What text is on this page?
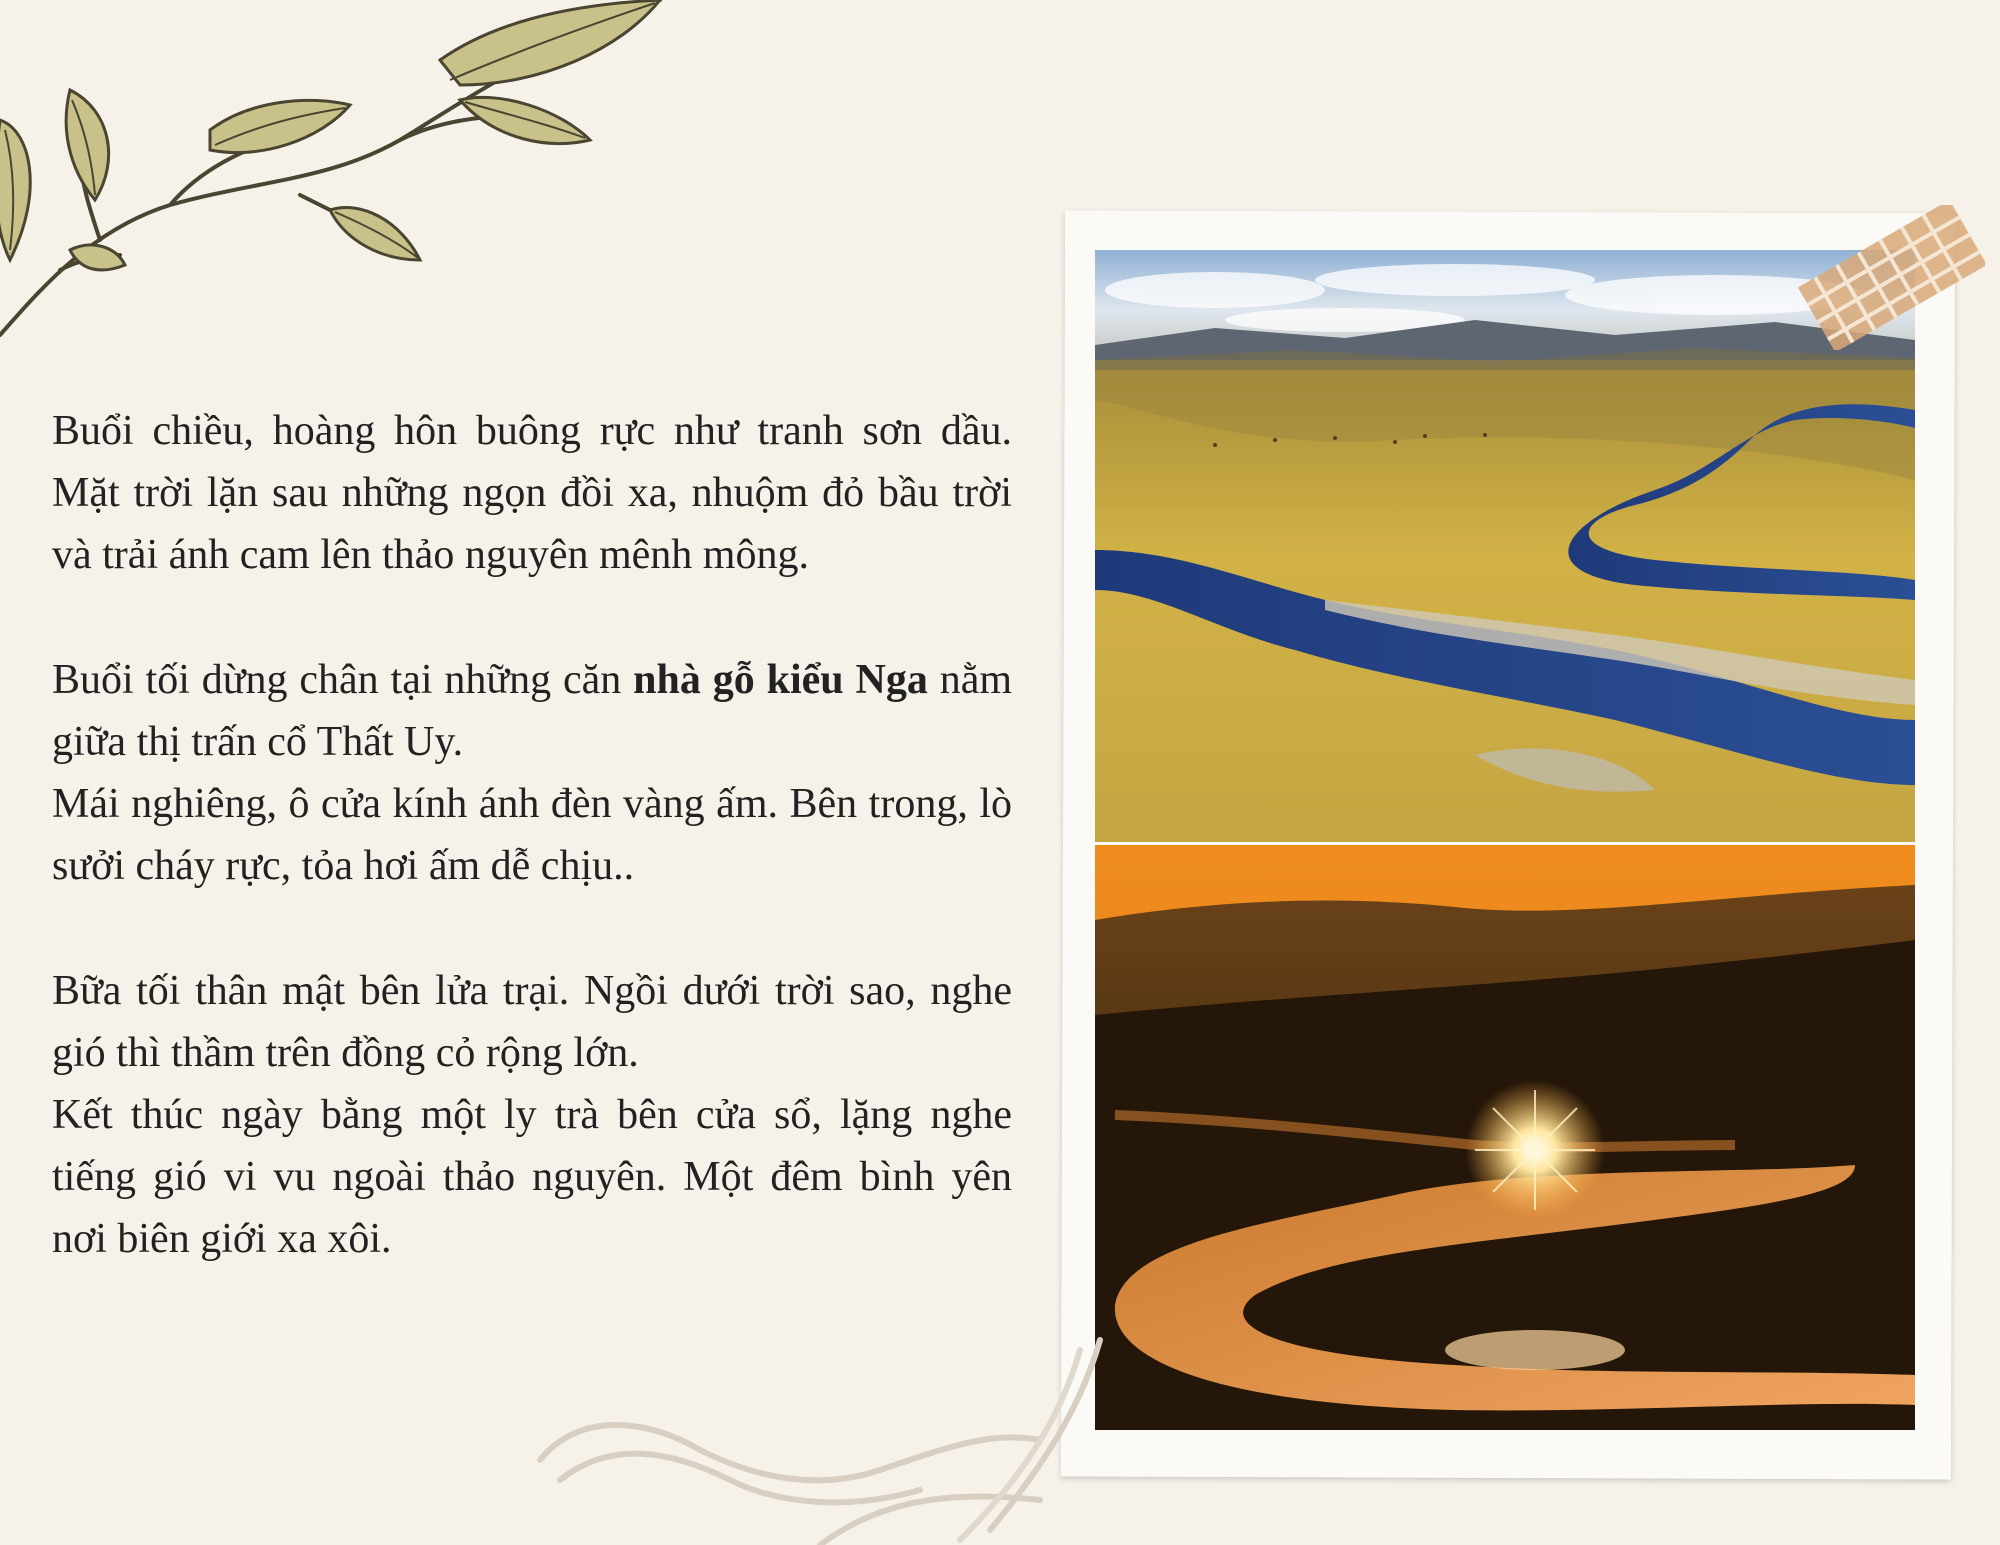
Buổi chiều, hoàng hôn buông rực như tranh sơn dầu. Mặt trời lặn sau những ngọn đồi xa, nhuộm đỏ bầu trời và trải ánh cam lên thảo nguyên mênh mông.

Buổi tối dừng chân tại những căn nhà gỗ kiểu Nga nằm giữa thị trấn cổ Thất Uy.
Mái nghiêng, ô cửa kính ánh đèn vàng ấm. Bên trong, lò sưởi cháy rực, tỏa hơi ấm dễ chịu..

Bữa tối thân mật bên lửa trại. Ngồi dưới trời sao, nghe gió thì thầm trên đồng cỏ rộng lớn.
Kết thúc ngày bằng một ly trà bên cửa sổ, lặng nghe tiếng gió vi vu ngoài thảo nguyên. Một đêm bình yên nơi biên giới xa xôi.
